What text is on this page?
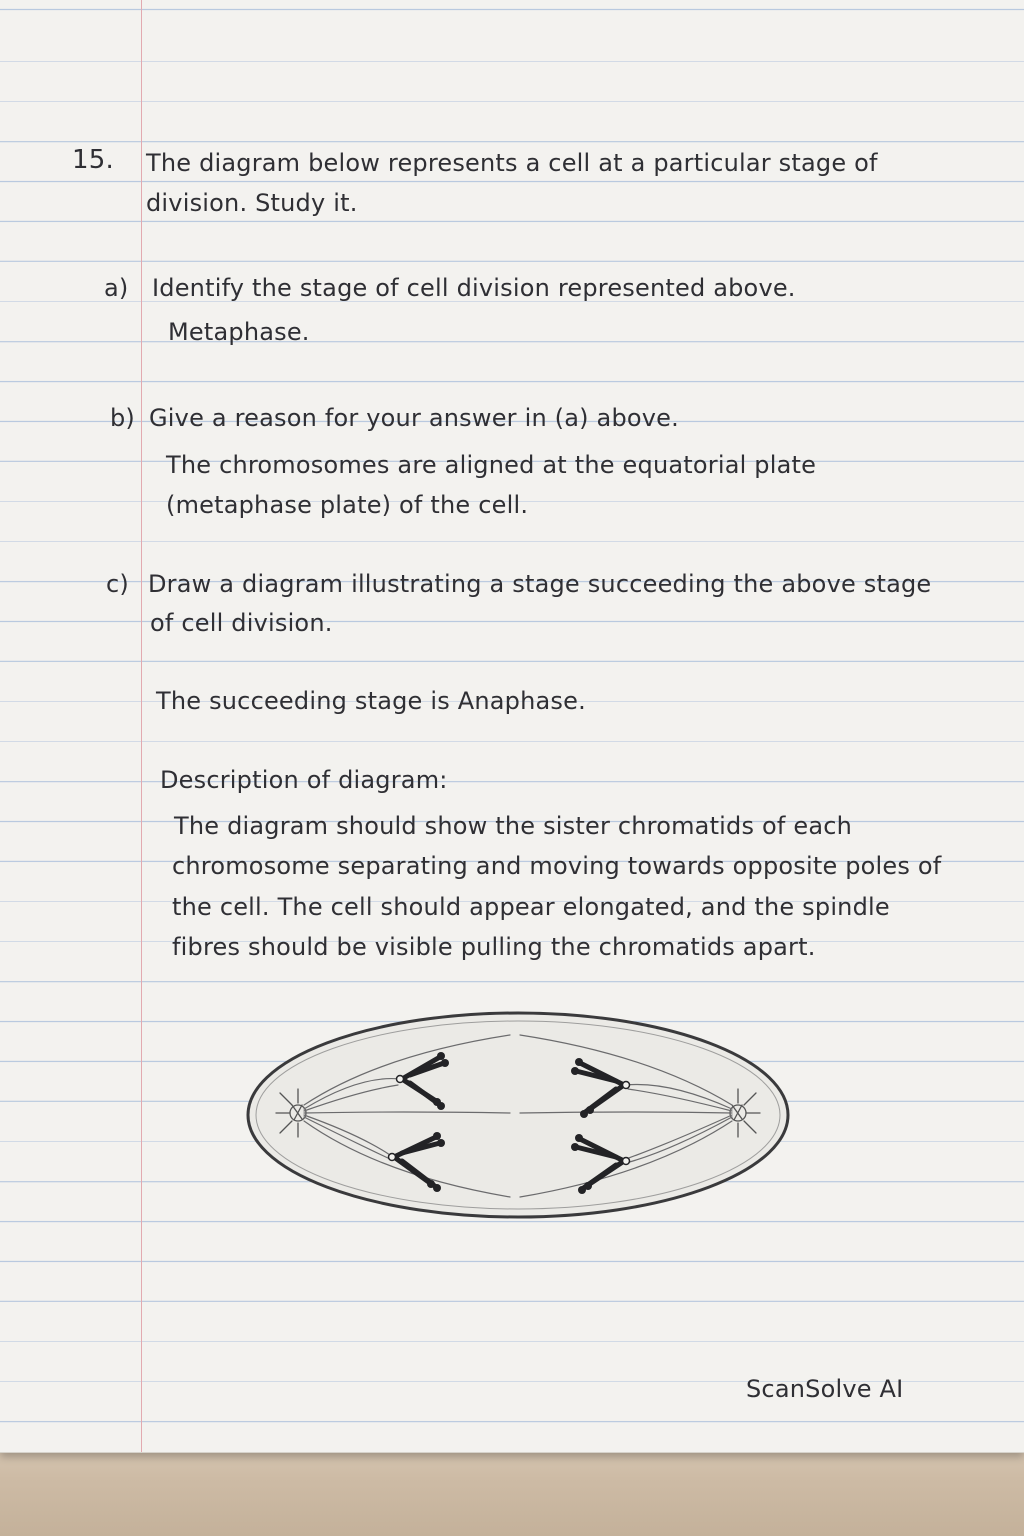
15. The diagram below represents a cell at a particular stage of

division. Study it.

a) Identify the stage of cell division represented above.

Metaphase.

b) Give a reason for your answer in (a) above.

The chromosomes are aligned at the equatorial plate

(metaphase plate) of the cell.

c) Draw a diagram illustrating a stage succeeding the above stage

of cell division.

The succeeding stage is Anaphase.

Description of diagram:

The diagram should show the sister chromatids of each

chromosome separating and moving towards opposite poles of

the cell. The cell should appear elongated, and the spindle

fibres should be visible pulling the chromatids apart.

ScanSolve AI
